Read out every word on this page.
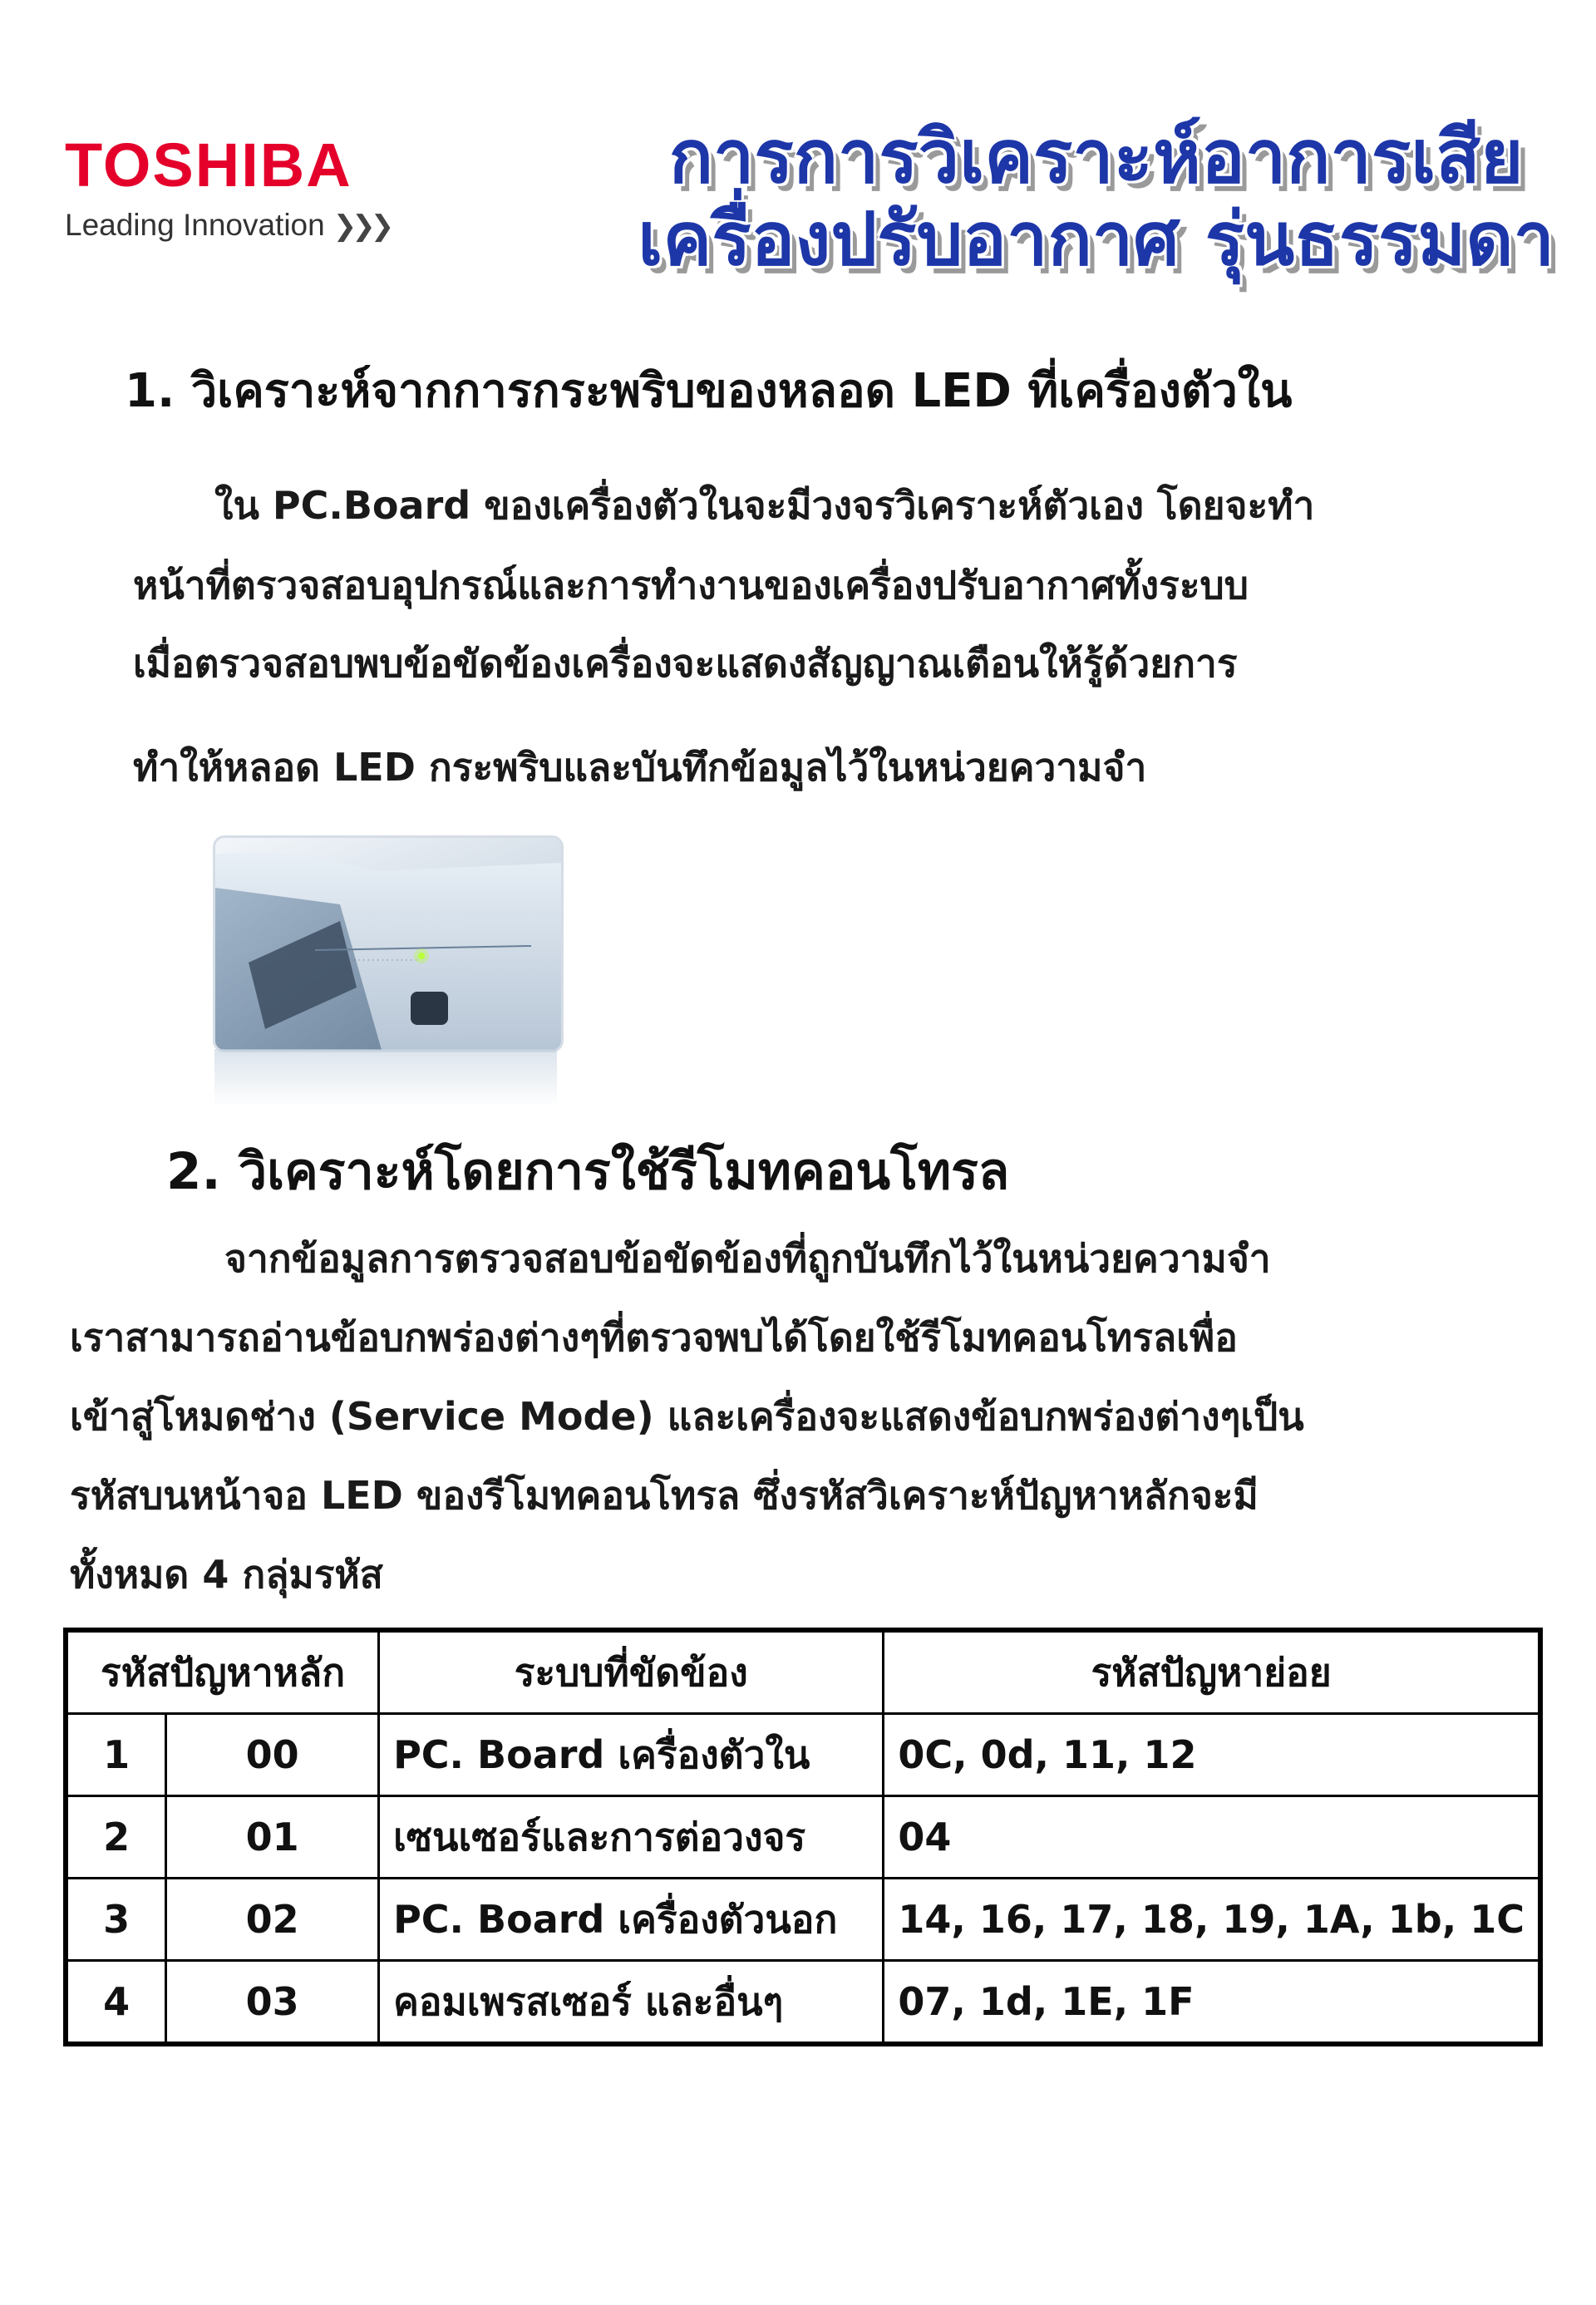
TOSHIBA
Leading Innovation ❯❯❯
การการวิเคราะห์อาการเสีย
เครื่องปรับอากาศ รุ่นธรรมดา
1. วิเคราะห์จากการกระพริบของหลอด LED ที่เครื่องตัวใน
ใน PC.Board ของเครื่องตัวในจะมีวงจรวิเคราะห์ตัวเอง โดยจะทำ
หน้าที่ตรวจสอบอุปกรณ์และการทำงานของเครื่องปรับอากาศทั้งระบบ
เมื่อตรวจสอบพบข้อขัดข้องเครื่องจะแสดงสัญญาณเตือนให้รู้ด้วยการ
ทำให้หลอด LED กระพริบและบันทึกข้อมูลไว้ในหน่วยความจำ
· · · · · · · · · · · · · · ·
2. วิเคราะห์โดยการใช้รีโมทคอนโทรล
จากข้อมูลการตรวจสอบข้อขัดข้องที่ถูกบันทึกไว้ในหน่วยความจำ
เราสามารถอ่านข้อบกพร่องต่างๆที่ตรวจพบได้โดยใช้รีโมทคอนโทรลเพื่อ
เข้าสู่โหมดช่าง (Service Mode) และเครื่องจะแสดงข้อบกพร่องต่างๆเป็น
รหัสบนหน้าจอ LED ของรีโมทคอนโทรล ซึ่งรหัสวิเคราะห์ปัญหาหลักจะมี
ทั้งหมด 4 กลุ่มรหัส
รหัสปัญหาหลัก		ระบบที่ขัดข้อง	รหัสปัญหาย่อย
1	00	PC. Board เครื่องตัวใน	0C, 0d, 11, 12
2	01	เซนเซอร์และการต่อวงจร	04
3	02	PC. Board เครื่องตัวนอก	14, 16, 17, 18, 19, 1A, 1b, 1C
4	03	คอมเพรสเซอร์ และอื่นๆ	07, 1d, 1E, 1F
